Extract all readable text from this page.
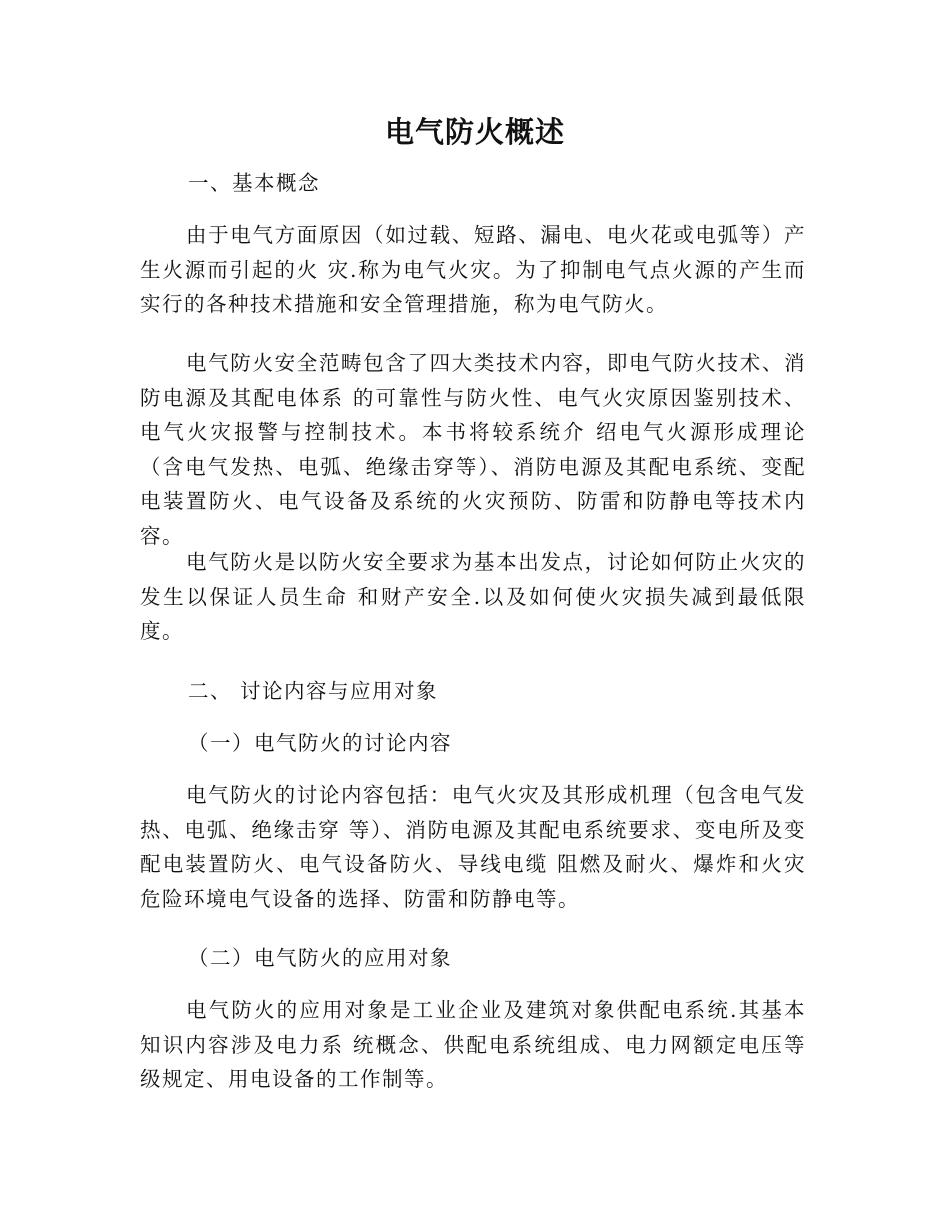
电气防火概述

一、基本概念

由于电气方面原因（如过载、短路、漏电、电火花或电弧等）产生火源而引起的火 灾.称为电气火灾。为了抑制电气点火源的产生而实行的各种技术措施和安全管理措施，称为电气防火。

电气防火安全范畴包含了四大类技术内容，即电气防火技术、消防电源及其配电体系 的可靠性与防火性、电气火灾原因鉴别技术、电气火灾报警与控制技术。本书将较系统介 绍电气火源形成理论（含电气发热、电弧、绝缘击穿等）、消防电源及其配电系统、变配 电装置防火、电气设备及系统的火灾预防、防雷和防静电等技术内容。

电气防火是以防火安全要求为基本出发点，讨论如何防止火灾的发生以保证人员生命 和财产安全.以及如何使火灾损失减到最低限度。

二、 讨论内容与应用对象

（一）电气防火的讨论内容

电气防火的讨论内容包括：电气火灾及其形成机理（包含电气发热、电弧、绝缘击穿 等）、消防电源及其配电系统要求、变电所及变配电装置防火、电气设备防火、导线电缆 阻燃及耐火、爆炸和火灾危险环境电气设备的选择、防雷和防静电等。

（二）电气防火的应用对象

电气防火的应用对象是工业企业及建筑对象供配电系统.其基本知识内容涉及电力系 统概念、供配电系统组成、电力网额定电压等级规定、用电设备的工作制等。
